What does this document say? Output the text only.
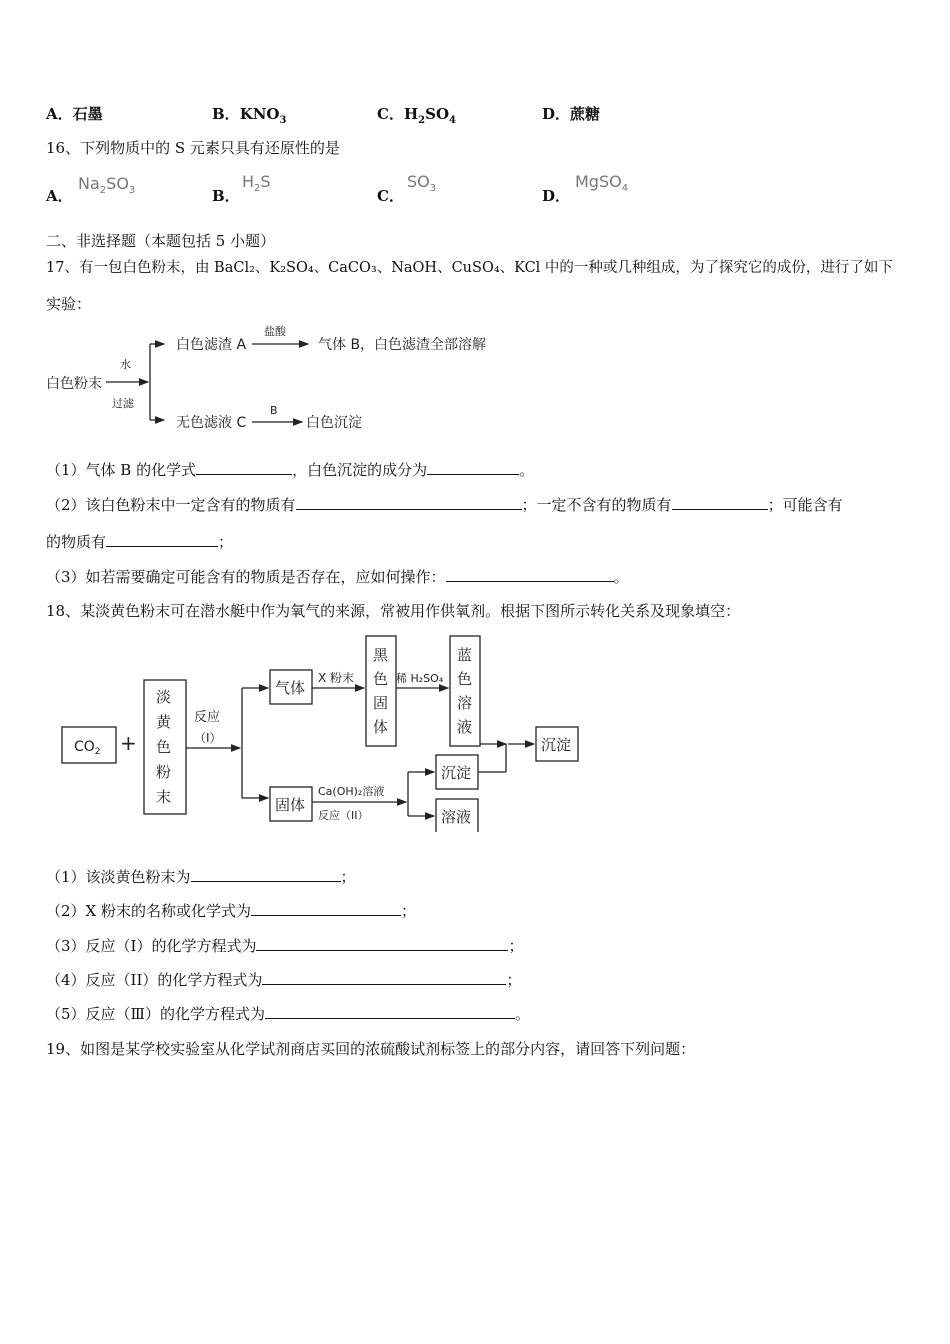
A．石墨	B．$KNO_3$	C．$H_2SO_4$	D．蔗糖
16、下列物质中的 S 元素只具有还原性的是
A．
$Na_2SO_3$	B．
$H_2S$
C．
$SO_3$	D．
MgSO$_4$
二、非选择题（本题包括 5 小题）
17、有一包白色粉末，由 BaCl₂、K₂SO₄、CaCO₃、NaOH、CuSO₄、KCl 中的一种或几种组成，为了探究它的成份，进行了如下
实验：
白色粉末
水
过滤
白色滤渣 A
盐酸
气体 B，白色滤渣全部溶解
无色滤液 C
B
白色沉淀
（1）气体 B 的化学式	，白色沉淀的成分为	。
（2）该白色粉末中一定含有的物质有	；一定不含有的物质有	；可能含有
的物质有	；
（3）如若需要确定可能含有的物质是否存在，应如何操作：	。
18、某淡黄色粉末可在潜水艇中作为氧气的来源，常被用作供氧剂。根据下图所示转化关系及现象填空：
$CO_2$ +
淡
黄
色
粉
末
反应
（I）
气体
X 粉末
黑
色
固
体
稀 H₂SO₄
蓝
色
溶
液
沉淀
固体
Ca(OH)₂溶液
反应（II）
沉淀
溶液
（1）该淡黄色粉末为	；
（2）X 粉末的名称或化学式为	；
（3）反应（I）的化学方程式为	；
（4）反应（II）的化学方程式为	；
（5）反应（Ⅲ）的化学方程式为	。
19、如图是某学校实验室从化学试剂商店买回的浓硫酸试剂标签上的部分内容，请回答下列问题：
